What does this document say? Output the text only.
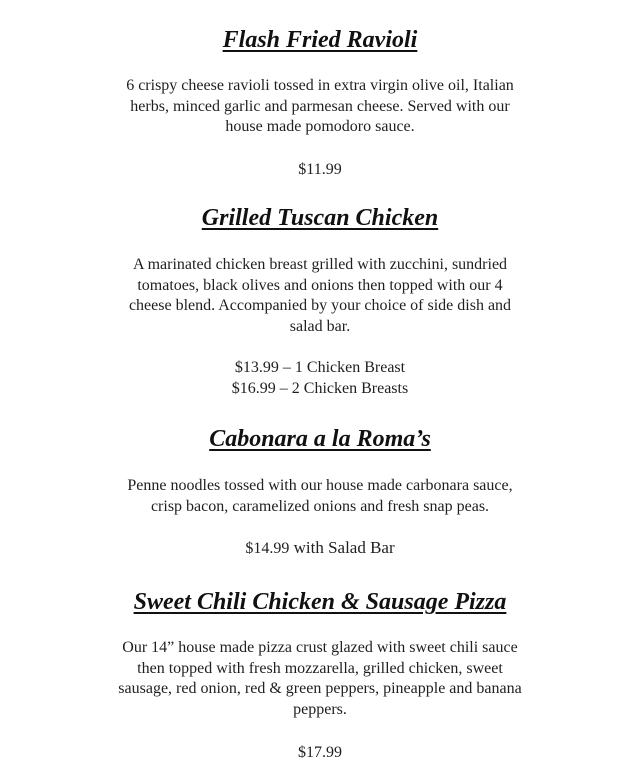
Flash Fried Ravioli

6 crispy cheese ravioli tossed in extra virgin olive oil, Italian
herbs, minced garlic and parmesan cheese. Served with our
house made pomodoro sauce.

$11.99

Grilled Tuscan Chicken

A marinated chicken breast grilled with zucchini, sundried
tomatoes, black olives and onions then topped with our 4
cheese blend. Accompanied by your choice of side dish and
salad bar.

$13.99 – 1 Chicken Breast
$16.99 – 2 Chicken Breasts

Cabonara a la Roma’s

Penne noodles tossed with our house made carbonara sauce,
crisp bacon, caramelized onions and fresh snap peas.

$14.99 with Salad Bar

Sweet Chili Chicken & Sausage Pizza

Our 14” house made pizza crust glazed with sweet chili sauce
then topped with fresh mozzarella, grilled chicken, sweet
sausage, red onion, red & green peppers, pineapple and banana
peppers.

$17.99
